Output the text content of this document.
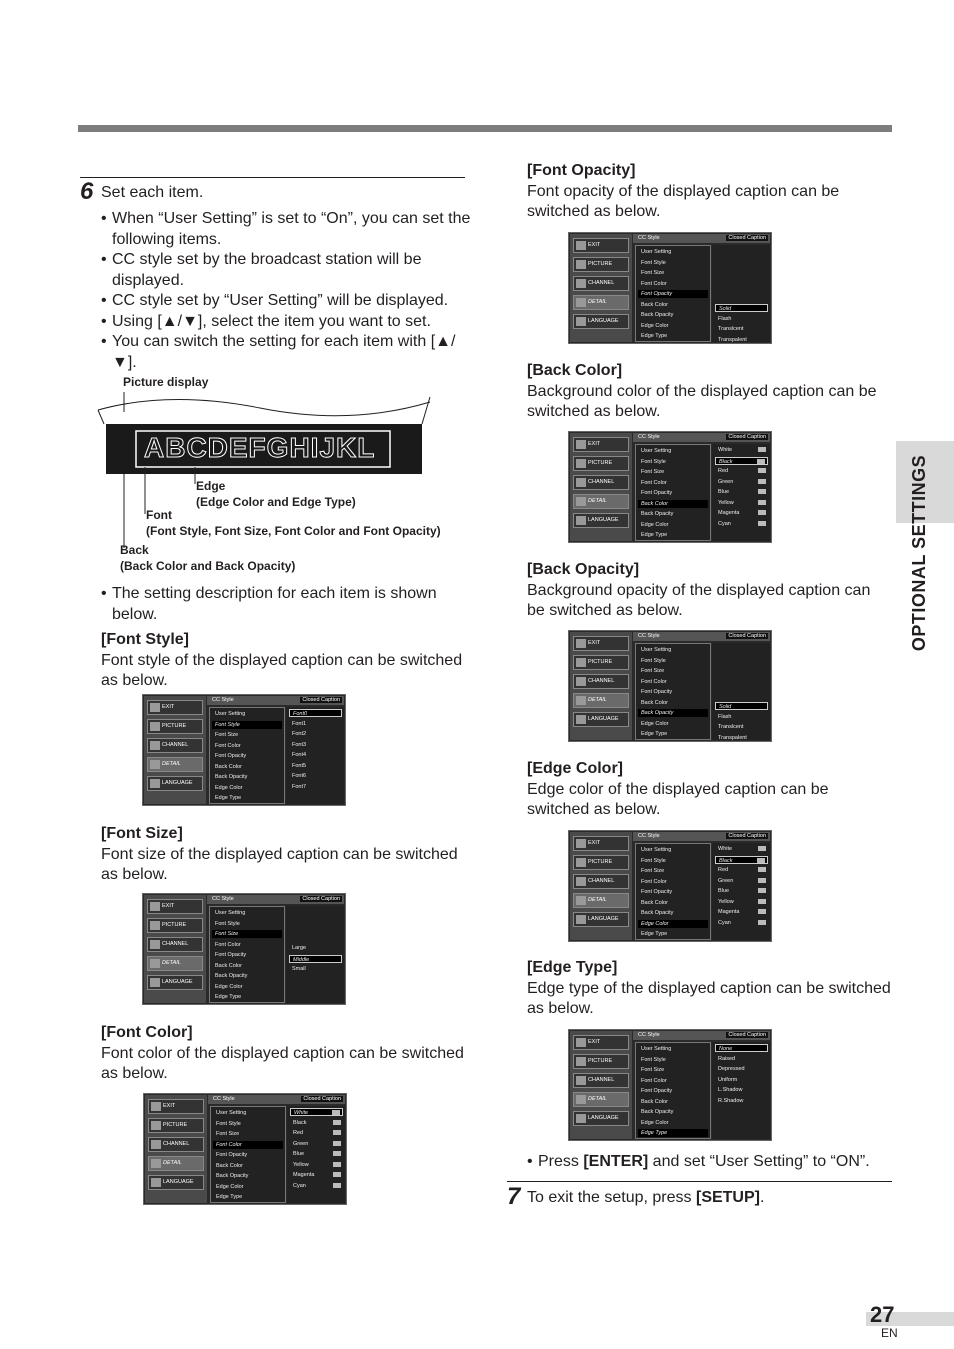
6 Set each item.

• When “User Setting” is set to “On”, you can set the following items.
• CC style set by the broadcast station will be displayed.
• CC style set by “User Setting” will be displayed.
• Using [▲/▼], select the item you want to set.
• You can switch the setting for each item with [▲/▼].
ABCDEFGHIJKL
Picture display
Edge
(Edge Color and Edge Type)
Font
(Font Style, Font Size, Font Color and Font Opacity)
Back
(Back Color and Back Opacity)
• The setting description for each item is shown below.
[Font Style]
Font style of the displayed caption can be switched as below.
[Font Size]
Font size of the displayed caption can be switched as below.
[Font Color]
Font color of the displayed caption can be switched as below.
[Font Opacity]
Font opacity of the displayed caption can be switched as below.
[Back Color]
Background color of the displayed caption can be switched as below.
[Back Opacity]
Background opacity of the displayed caption can be switched as below.
[Edge Color]
Edge color of the displayed caption can be switched as below.
[Edge Type]
Edge type of the displayed caption can be switched as below.
EXIT
PICTURE
CHANNEL
DETAIL
LANGUAGE
CC Style	Closed Caption
User Setting
Font Style
Font Size
Font Color
Font Opacity
Back Color
Back Opacity
Edge Color
Edge Type
Font0
Font1
Font2
Font3
Font4
Font5
Font6
Font7
EXIT
PICTURE
CHANNEL
DETAIL
LANGUAGE
CC Style	Closed Caption
User Setting
Font Style
Font Size
Font Color
Font Opacity
Back Color
Back Opacity
Edge Color
Edge Type
Large
Middle
Small
EXIT
PICTURE
CHANNEL
DETAIL
LANGUAGE
CC Style	Closed Caption
User Setting
Font Style
Font Size
Font Color
Font Opacity
Back Color
Back Opacity
Edge Color
Edge Type
White
Black
Red
Green
Blue
Yellow
Magenta
Cyan
EXIT
PICTURE
CHANNEL
DETAIL
LANGUAGE
CC Style	Closed Caption
User Setting
Font Style
Font Size
Font Color
Font Opacity
Back Color
Back Opacity
Edge Color
Edge Type
Solid
Flash
Translcent
Transpalent
EXIT
PICTURE
CHANNEL
DETAIL
LANGUAGE
CC Style	Closed Caption
User Setting
Font Style
Font Size
Font Color
Font Opacity
Back Color
Back Opacity
Edge Color
Edge Type
White
Black
Red
Green
Blue
Yellow
Magenta
Cyan
EXIT
PICTURE
CHANNEL
DETAIL
LANGUAGE
CC Style	Closed Caption
User Setting
Font Style
Font Size
Font Color
Font Opacity
Back Color
Back Opacity
Edge Color
Edge Type
Solid
Flash
Translcent
Transpalent
EXIT
PICTURE
CHANNEL
DETAIL
LANGUAGE
CC Style	Closed Caption
User Setting
Font Style
Font Size
Font Color
Font Opacity
Back Color
Back Opacity
Edge Color
Edge Type
White
Black
Red
Green
Blue
Yellow
Magenta
Cyan
EXIT
PICTURE
CHANNEL
DETAIL
LANGUAGE
CC Style	Closed Caption
User Setting
Font Style
Font Size
Font Color
Font Opacity
Back Color
Back Opacity
Edge Color
Edge Type
None
Raised
Depressed
Uniform
L.Shadow
R.Shadow
• Press [ENTER] and set “User Setting” to “ON”.
7 To exit the setup, press [SETUP].

OPTIONAL SETTINGS
27
EN
